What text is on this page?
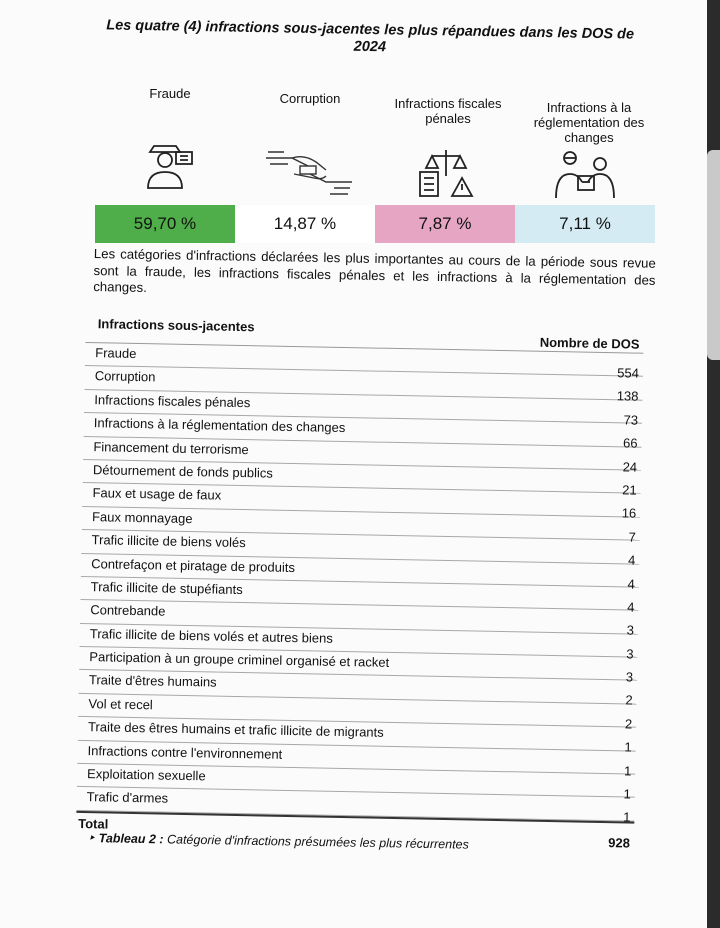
Les quatre (4) infractions sous-jacentes les plus répandues dans les DOS de 2024
Fraude	Corruption	Infractions fiscales pénales
Infractions à la réglementation des changes
59,70 %	14,87 %	7,87 %	7,11 %
Les catégories d'infractions déclarées les plus importantes au cours de la période sous revue sont la fraude, les infractions fiscales pénales et les infractions à la réglementation des changes.
Infractions sous-jacentes
Nombre de DOS
Fraude
554
Corruption
138
Infractions fiscales pénales
73
Infractions à la réglementation des changes
66
Financement du terrorisme
24
Détournement de fonds publics
21
Faux et usage de faux
16
Faux monnayage
7
Trafic illicite de biens volés
4
Contrefaçon et piratage de produits
4
Trafic illicite de stupéfiants
4
Contrebande
3
Trafic illicite de biens volés et autres biens
3
Participation à un groupe criminel organisé et racket
3
Traite d'êtres humains
2
Vol et recel
2
Traite des êtres humains et trafic illicite de migrants
1
Infractions contre l'environnement
1
Exploitation sexuelle
1
Trafic d'armes
1
Total
928
‣ Tableau 2 : Catégorie d'infractions présumées les plus récurrentes
